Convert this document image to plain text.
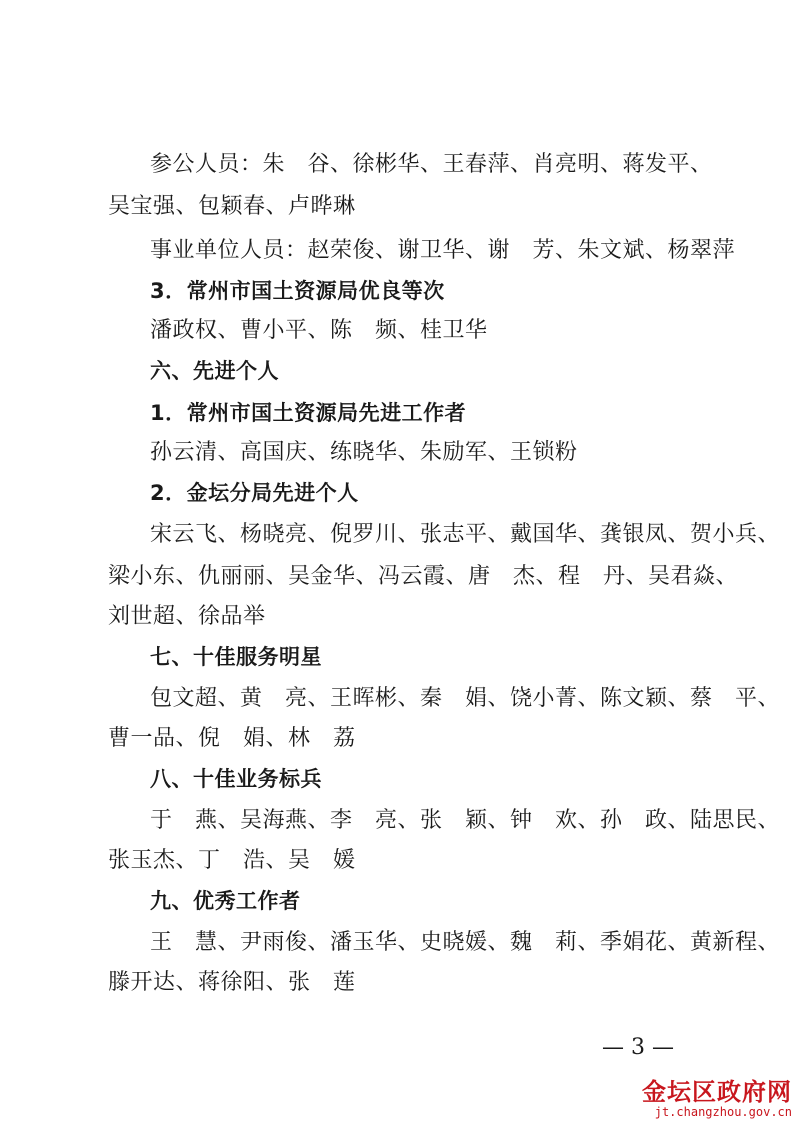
参公人员：朱　谷、徐彬华、王春萍、肖亮明、蒋发平、
吴宝强、包颖春、卢晔琳
事业单位人员：赵荣俊、谢卫华、谢　芳、朱文斌、杨翠萍
3．常州市国土资源局优良等次
潘政权、曹小平、陈　频、桂卫华
六、先进个人
1．常州市国土资源局先进工作者
孙云清、高国庆、练晓华、朱励军、王锁粉
2．金坛分局先进个人
宋云飞、杨晓亮、倪罗川、张志平、戴国华、龚银凤、贺小兵、
梁小东、仇丽丽、吴金华、冯云霞、唐　杰、程　丹、吴君焱、
刘世超、徐品举
七、十佳服务明星
包文超、黄　亮、王晖彬、秦　娟、饶小菁、陈文颖、蔡　平、
曹一品、倪　娟、林　荔
八、十佳业务标兵
于　燕、吴海燕、李　亮、张　颖、钟　欢、孙　政、陆思民、
张玉杰、丁　浩、吴　媛
九、优秀工作者
王　慧、尹雨俊、潘玉华、史晓媛、魏　莉、季娟花、黄新程、
滕开达、蒋徐阳、张　莲
— 3 —
金坛区政府网
jt.changzhou.gov.cn
